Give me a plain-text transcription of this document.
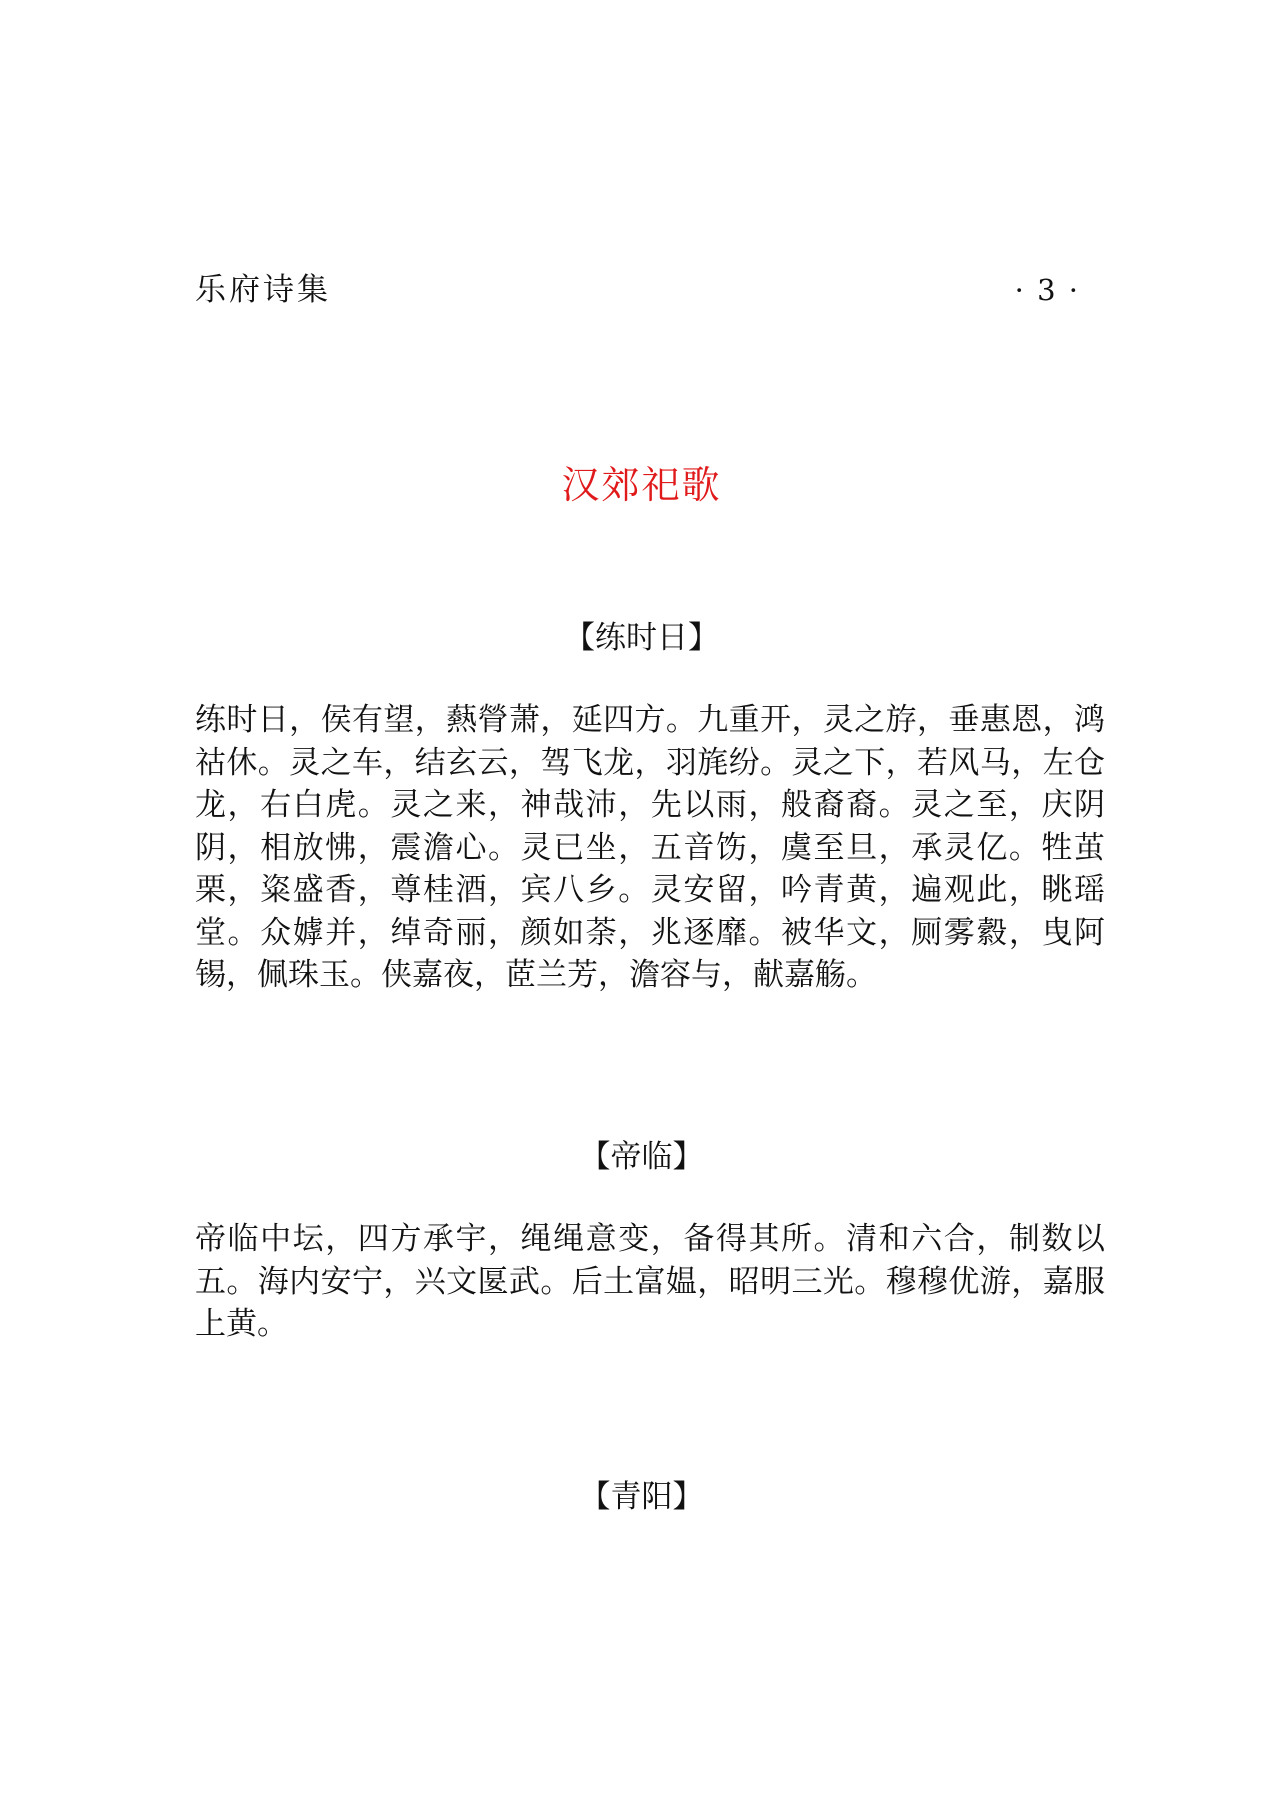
乐府诗集	· 3 ·
汉郊祀歌
【练时日】

练时日，侯有望，爇膋萧，延四方。九重开，灵之斿，垂惠恩，鸿祜休。灵之车，结玄云，驾飞龙，羽旄纷。灵之下，若风马，左仓龙，右白虎。灵之来，神哉沛，先以雨，般裔裔。灵之至，庆阴阴，相放怫，震澹心。灵已坐，五音饬，虞至旦，承灵亿。牲茧栗，粢盛香，尊桂酒，宾八乡。灵安留，吟青黄，遍观此，眺瑶堂。众嫭并，绰奇丽，颜如荼，兆逐靡。被华文，厕雾縠，曳阿锡，佩珠玉。侠嘉夜，茝兰芳，澹容与，献嘉觞。

【帝临】

帝临中坛，四方承宇，绳绳意变，备得其所。清和六合，制数以五。海内安宁，兴文匽武。后土富媪，昭明三光。穆穆优游，嘉服上黄。

【青阳】
